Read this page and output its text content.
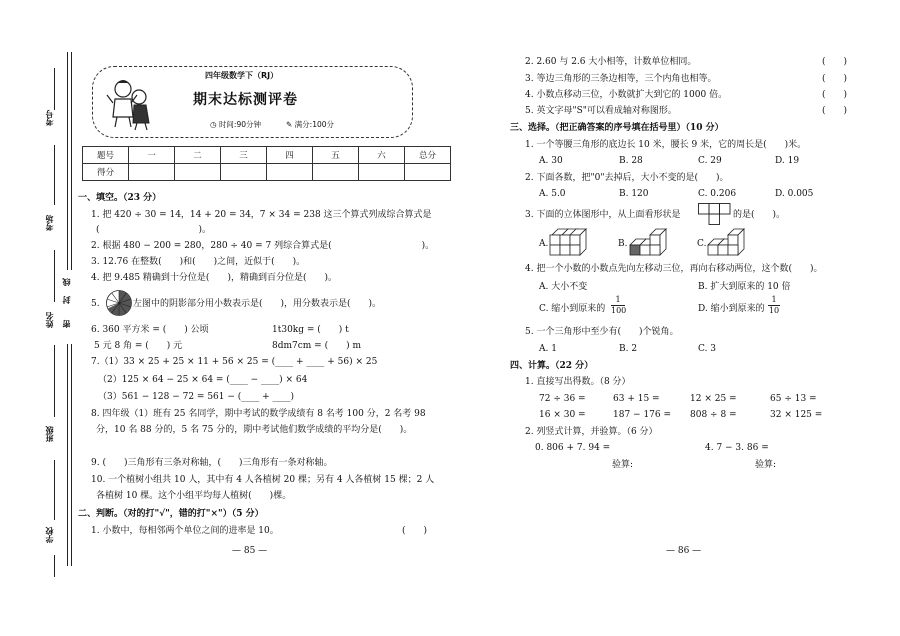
考号
考场
姓名 密
封
线
班级
学校
四年级数学下（RJ）
期末达标测评卷
◷ 时间:90分钟	✎ 满分:100分
题号	一	二	三	四	五	六	总分
得分							
一、填空。（23 分）
1. 把 420 ÷ 30 = 14，14 + 20 = 34，7 × 34 = 238 这三个算式列成综合算式是
(　　　　　　　　　　　)。
2. 根据 480 − 200 = 280，280 ÷ 40 = 7 列综合算式是(　　　　　　　　　　)。
3. 12.76 在整数(　　)和(　　)之间，近似于(　　)。
4. 把 9.485 精确到十分位是(　　)，精确到百分位是(　　)。
5.	左图中的阴影部分用小数表示是(　　)，用分数表示是(　　)。
6. 360 平方米 = (　　) 公顷	1t30kg = (　　) t
5 元 8 角 = (　　) 元	8dm7cm = (　　) m
7.（1）33 × 25 + 25 × 11 + 56 × 25 = (____ + ____ + 56) × 25
（2）125 × 64 − 25 × 64 = (____ − ____) × 64
（3）561 − 128 − 72 = 561 − (____ + ____)
8. 四年级（1）班有 25 名同学，期中考试的数学成绩有 8 名考 100 分，2 名考 98
分，10 名 88 分的，5 名 75 分的，期中考试他们数学成绩的平均分是(　　)。
9. (　　)三角形有三条对称轴，(　　)三角形有一条对称轴。
10. 一个植树小组共 10 人，其中有 4 人各植树 20 棵；另有 4 人各植树 15 棵；2 人
各植树 10 棵。这个小组平均每人植树(　　)棵。
二、判断。（对的打"√"，错的打"×"）（5 分）
1. 小数中，每相邻两个单位之间的进率是 10。	(　　)
— 85 —
2. 2.60 与 2.6 大小相等，计数单位相同。
3. 等边三角形的三条边相等，三个内角也相等。
4. 小数点移动三位，小数就扩大到它的 1000 倍。
5. 英文字母"S"可以看成轴对称图形。
(　　)
(　　)
(　　)
(　　)
三、选择。（把正确答案的序号填在括号里）（10 分）
1. 一个等腰三角形的底边长 10 米，腰长 9 米，它的周长是(　　)米。
A. 30	B. 28	C. 29	D. 19
2. 下面各数，把"0"去掉后，大小不变的是(　　)。
A. 5.0	B. 120	C. 0.206	D. 0.005
3. 下面的立体图形中，从上面看形状是	的是(　　)。
A.	B.	C.
4. 把一个小数的小数点先向左移动三位，再向右移动两位，这个数(　　)。
A. 大小不变	B. 扩大到原来的 10 倍
C. 缩小到原来的 $\frac{1}{100}$	D. 缩小到原来的 $\frac{1}{10}$
5. 一个三角形中至少有(　　)个锐角。
A. 1	B. 2	C. 3
四、计算。（22 分）
1. 直接写出得数。（8 分）
72 ÷ 36 =	63 + 15 =	12 × 25 =	65 ÷ 13 =
16 × 30 =	187 − 176 = 808 ÷ 8 =	32 × 125 =
2. 列竖式计算，并验算。（6 分）
0. 806 + 7. 94 =	4. 7 − 3. 86 =
验算:	验算:
— 86 —
